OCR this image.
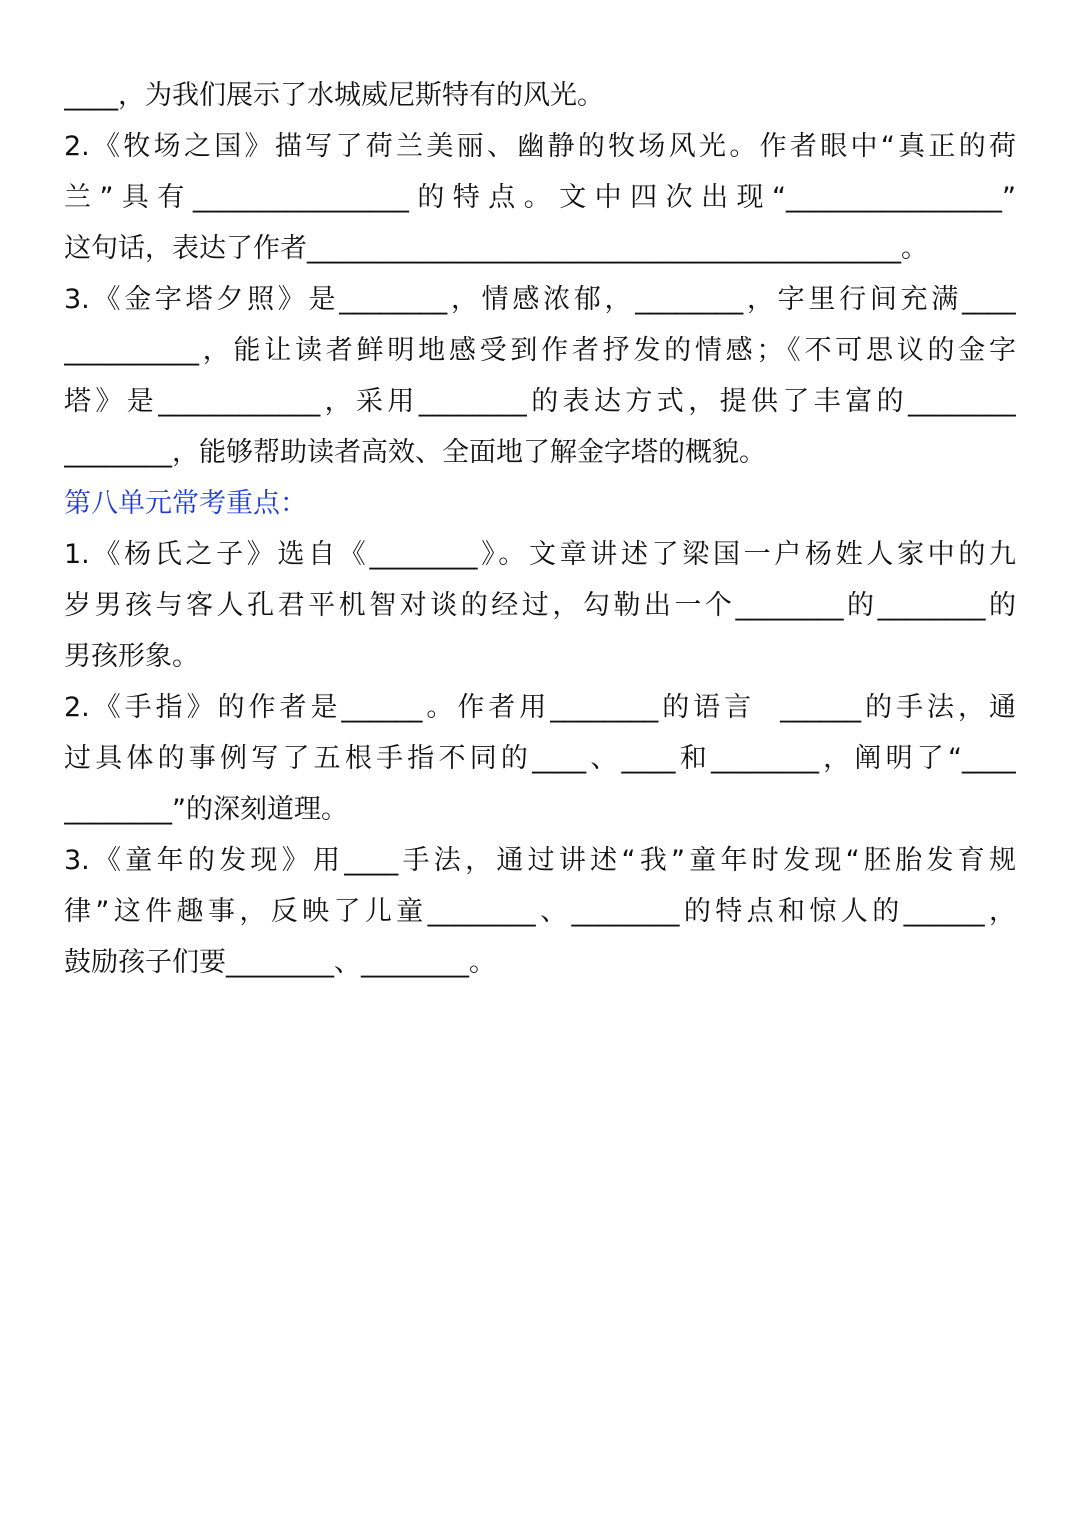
____，为我们展示了水城威尼斯特有的风光。
2.《牧场之国》描写了荷兰美丽、幽静的牧场风光。作者眼中“真正的荷
兰”具有________________的特点。文中四次出现“________________”
这句话，表达了作者____________________________________________。
3.《金字塔夕照》是________，情感浓郁，________，字里行间充满____
__________，能让读者鲜明地感受到作者抒发的情感；《不可思议的金字
塔》是____________，采用________的表达方式，提供了丰富的________
________，能够帮助读者高效、全面地了解金字塔的概貌。
第八单元常考重点：
1.《杨氏之子》选自《________》。文章讲述了梁国一户杨姓人家中的九
岁男孩与客人孔君平机智对谈的经过，勾勒出一个________的________的
男孩形象。
2.《手指》的作者是______。作者用________的语言  ______的手法，通
过具体的事例写了五根手指不同的____、____和________，阐明了“____
________”的深刻道理。
3.《童年的发现》用____手法，通过讲述“我”童年时发现“胚胎发育规
律”这件趣事，反映了儿童________、________的特点和惊人的______，
鼓励孩子们要________、________。
